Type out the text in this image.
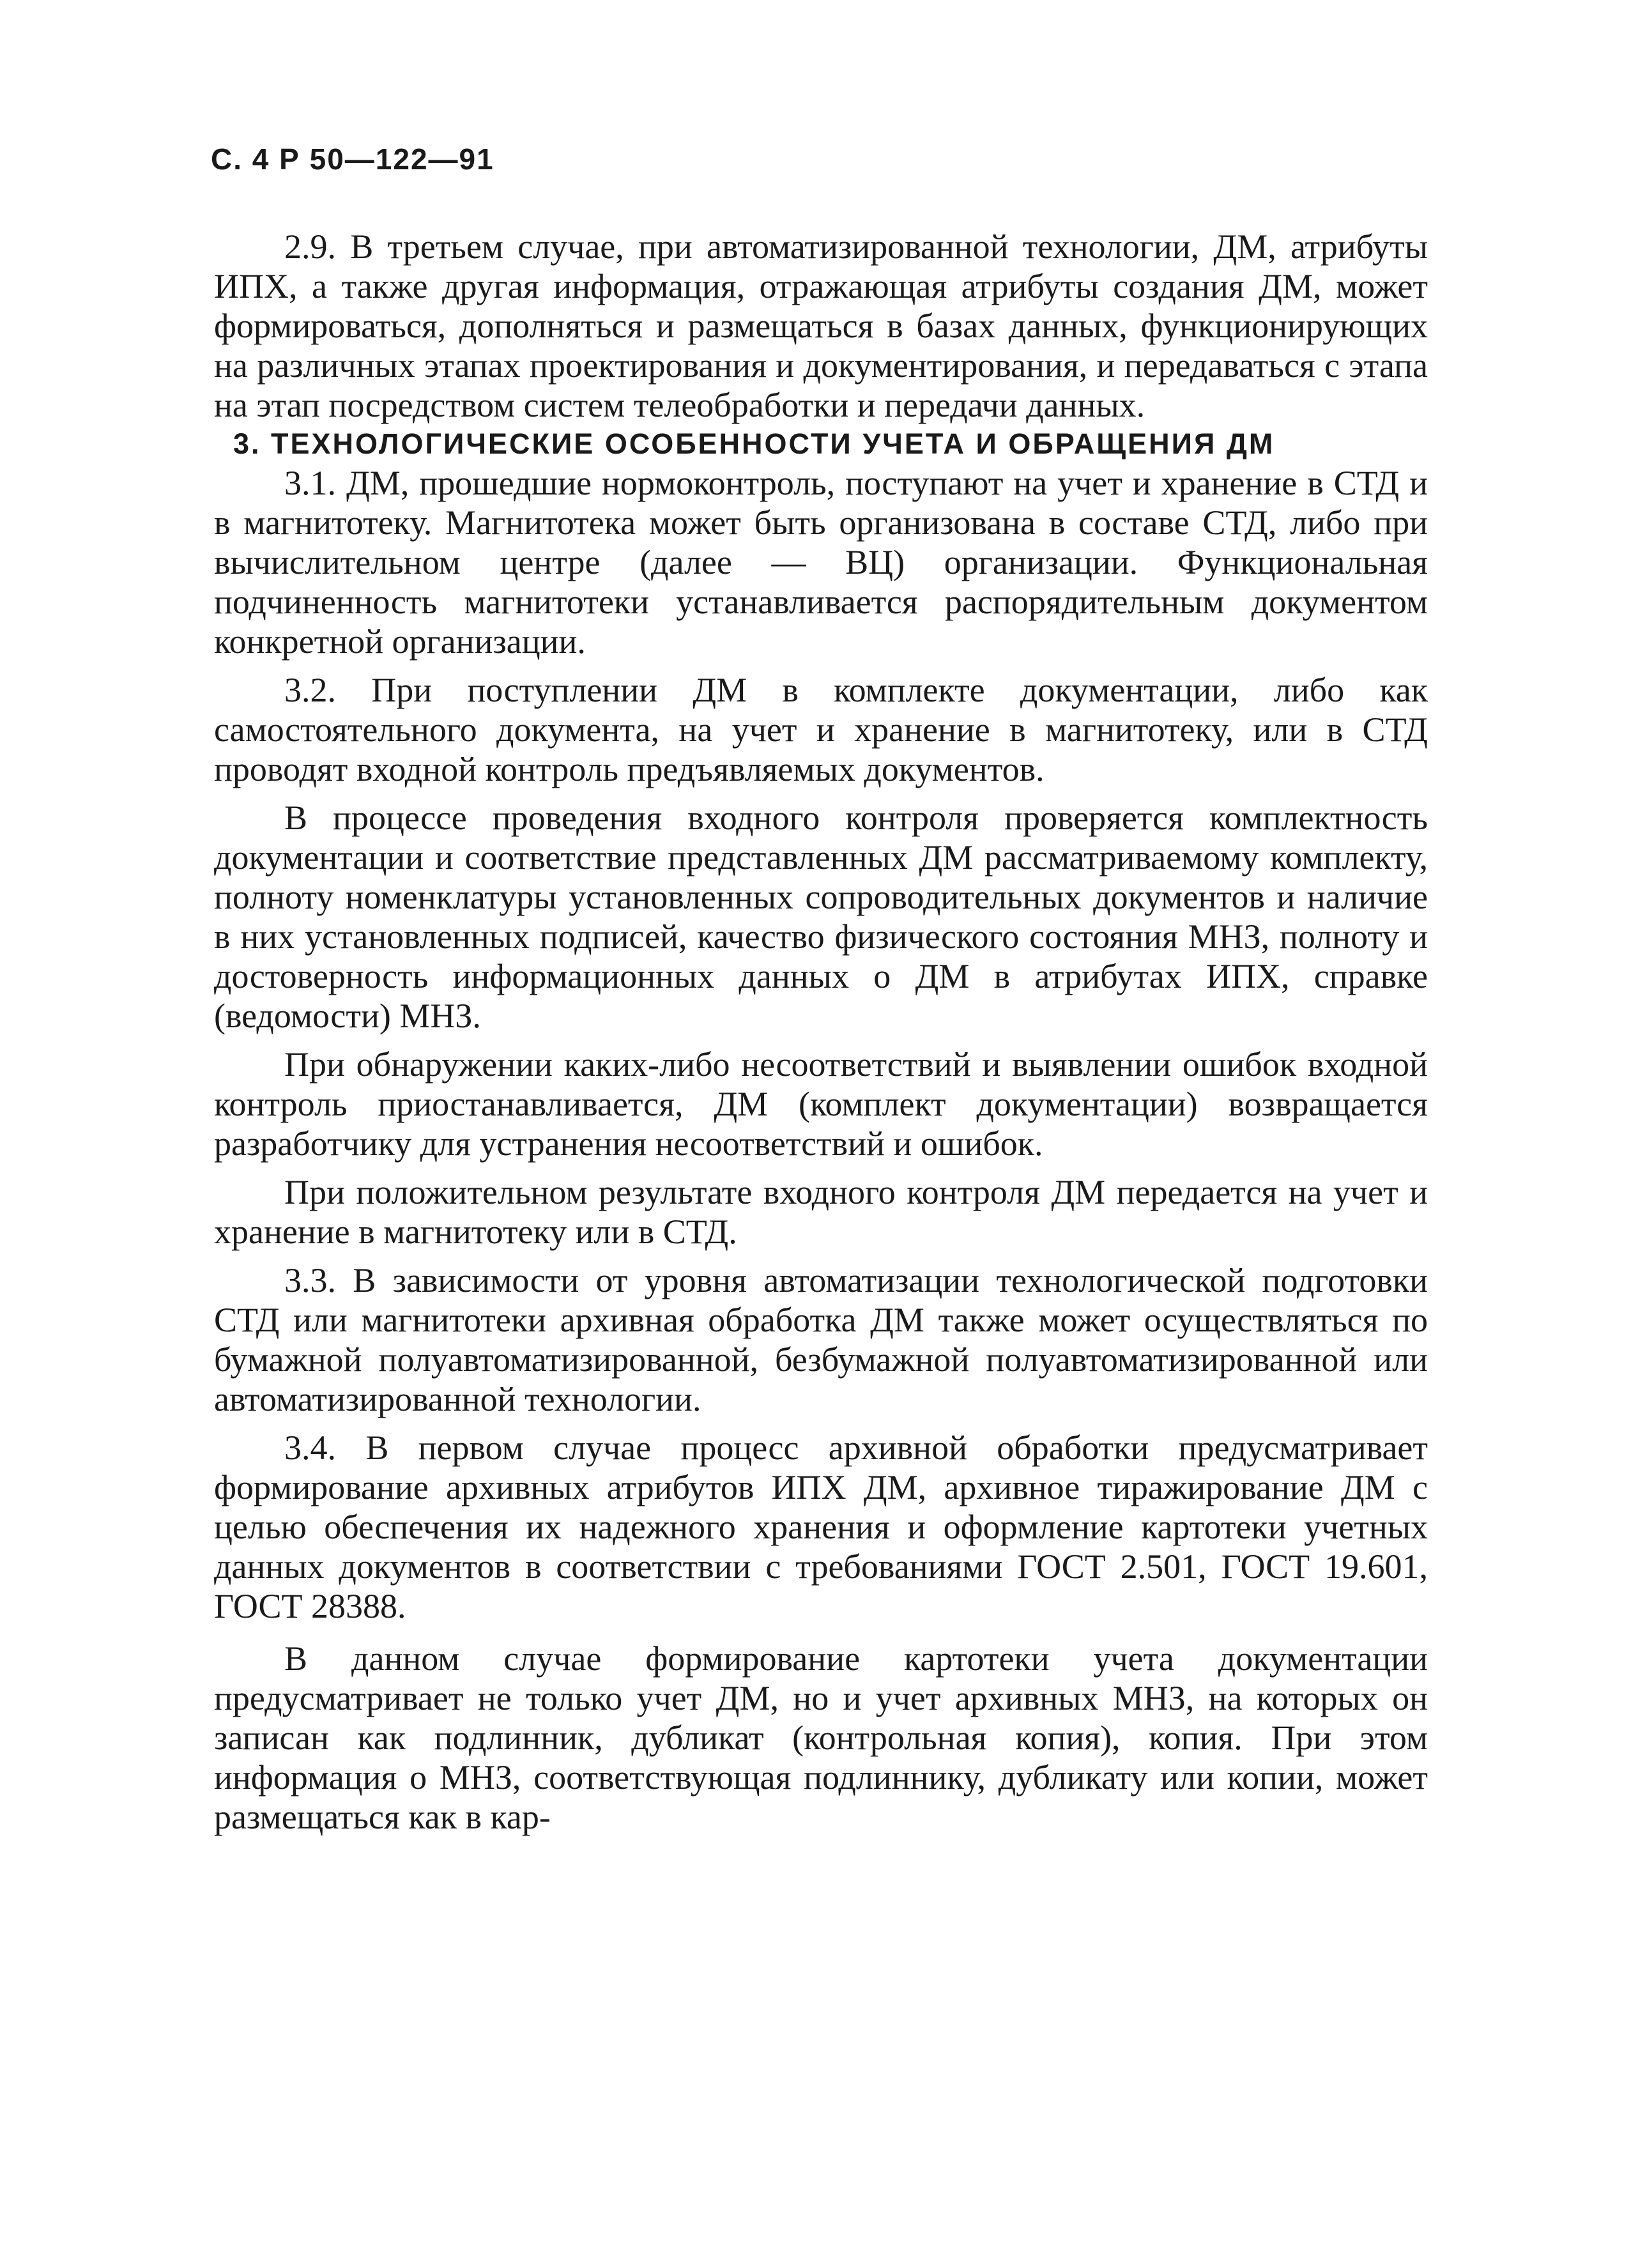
С. 4 Р 50—122—91

2.9. В третьем случае, при автоматизированной технологии, ДМ, атрибуты ИПХ, а также другая информация, отражающая атрибуты создания ДМ, может формироваться, дополняться и размещаться в базах данных, функционирующих на различных этапах проектирования и документирования, и передаваться с этапа на этап посредством систем телеобработки и передачи данных.

3. ТЕХНОЛОГИЧЕСКИЕ ОСОБЕННОСТИ УЧЕТА И ОБРАЩЕНИЯ ДМ

3.1. ДМ, прошедшие нормоконтроль, поступают на учет и хранение в СТД и в магнитотеку. Магнитотека может быть организована в составе СТД, либо при вычислительном центре (далее — ВЦ) организации. Функциональная подчиненность магнитотеки устанавливается распорядительным документом конкретной организации.

3.2. При поступлении ДМ в комплекте документации, либо как самостоятельного документа, на учет и хранение в магнитотеку, или в СТД проводят входной контроль предъявляемых документов.

В процессе проведения входного контроля проверяется комплектность документации и соответствие представленных ДМ рассматриваемому комплекту, полноту номенклатуры установленных сопроводительных документов и наличие в них установленных подписей, качество физического состояния МНЗ, полноту и достоверность информационных данных о ДМ в атрибутах ИПХ, справке (ведомости) МНЗ.

При обнаружении каких-либо несоответствий и выявлении ошибок входной контроль приостанавливается, ДМ (комплект документации) возвращается разработчику для устранения несоответствий и ошибок.

При положительном результате входного контроля ДМ передается на учет и хранение в магнитотеку или в СТД.

3.3. В зависимости от уровня автоматизации технологической подготовки СТД или магнитотеки архивная обработка ДМ также может осуществляться по бумажной полуавтоматизированной, безбумажной полуавтоматизированной или автоматизированной технологии.

3.4. В первом случае процесс архивной обработки предусматривает формирование архивных атрибутов ИПХ ДМ, архивное тиражирование ДМ с целью обеспечения их надежного хранения и оформление картотеки учетных данных документов в соответствии с требованиями ГОСТ 2.501, ГОСТ 19.601, ГОСТ 28388.

В данном случае формирование картотеки учета документации предусматривает не только учет ДМ, но и учет архивных МНЗ, на которых он записан как подлинник, дубликат (контрольная копия), копия. При этом информация о МНЗ, соответствующая подлиннику, дубликату или копии, может размещаться как в кар-
